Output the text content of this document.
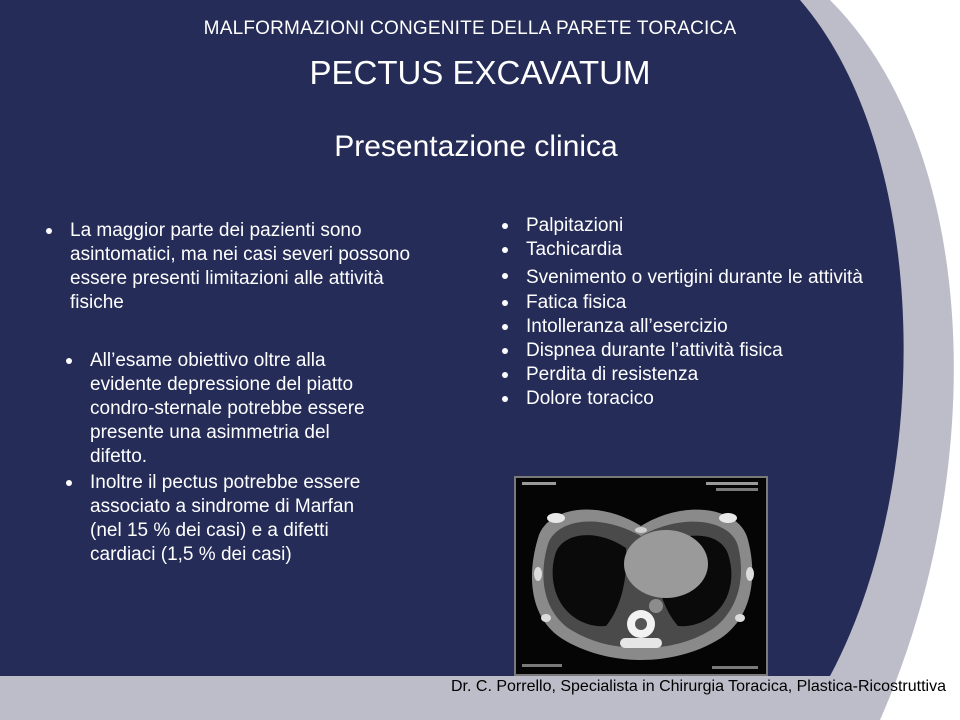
MALFORMAZIONI CONGENITE DELLA PARETE TORACICA
PECTUS EXCAVATUM
Presentazione clinica
La maggior parte dei pazienti sono asintomatici, ma nei casi severi possono essere presenti limitazioni alle attività fisiche
All’esame obiettivo oltre alla evidente depressione del piatto condro-sternale potrebbe essere presente una asimmetria del difetto.
Inoltre il pectus potrebbe essere associato a sindrome di Marfan (nel 15 % dei casi) e a difetti cardiaci (1,5 % dei casi)
Palpitazioni
Tachicardia
Svenimento o vertigini durante le attività
Fatica fisica
Intolleranza all’esercizio
Dispnea durante l’attività fisica
Perdita di resistenza
Dolore toracico
Dr. C. Porrello, Specialista in Chirurgia Toracica, Plastica-Ricostruttiva
